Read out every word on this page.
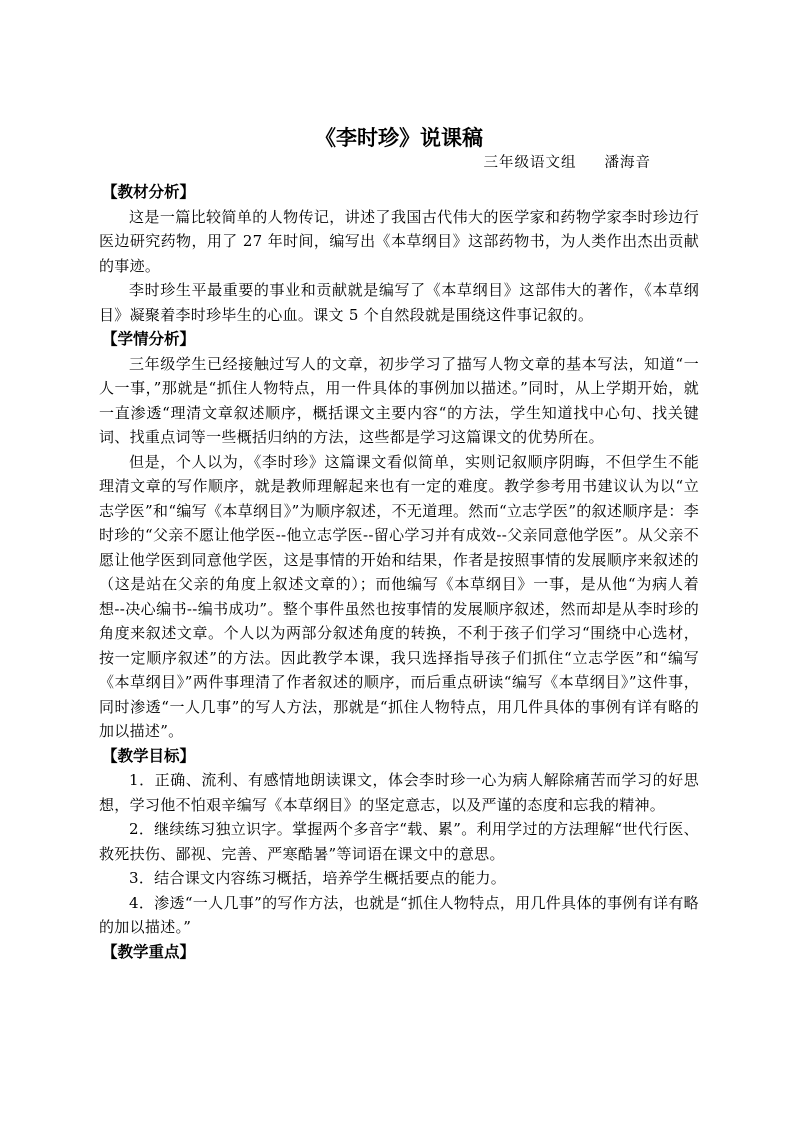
《李时珍》说课稿

三年级语文组     潘海音

【教材分析】

这是一篇比较简单的人物传记，讲述了我国古代伟大的医学家和药物学家李时珍边行医边研究药物，用了 27 年时间，编写出《本草纲目》这部药物书，为人类作出杰出贡献的事迹。

李时珍生平最重要的事业和贡献就是编写了《本草纲目》这部伟大的著作，《本草纲目》凝聚着李时珍毕生的心血。课文 5 个自然段就是围绕这件事记叙的。

【学情分析】

三年级学生已经接触过写人的文章，初步学习了描写人物文章的基本写法，知道“一人一事，”那就是“抓住人物特点，用一件具体的事例加以描述。”同时，从上学期开始，就一直渗透“理清文章叙述顺序，概括课文主要内容“的方法，学生知道找中心句、找关键词、找重点词等一些概括归纳的方法，这些都是学习这篇课文的优势所在。

但是，个人以为，《李时珍》这篇课文看似简单，实则记叙顺序阴晦，不但学生不能理清文章的写作顺序，就是教师理解起来也有一定的难度。教学参考用书建议认为以“立志学医”和“编写《本草纲目》”为顺序叙述，不无道理。然而“立志学医”的叙述顺序是：李时珍的“父亲不愿让他学医--他立志学医--留心学习并有成效--父亲同意他学医”。从父亲不愿让他学医到同意他学医，这是事情的开始和结果，作者是按照事情的发展顺序来叙述的（这是站在父亲的角度上叙述文章的）；而他编写《本草纲目》一事，是从他“为病人着想--决心编书--编书成功”。整个事件虽然也按事情的发展顺序叙述，然而却是从李时珍的角度来叙述文章。个人以为两部分叙述角度的转换，不利于孩子们学习“围绕中心选材，按一定顺序叙述”的方法。因此教学本课，我只选择指导孩子们抓住“立志学医”和“编写《本草纲目》”两件事理清了作者叙述的顺序，而后重点研读“编写《本草纲目》”这件事，同时渗透“一人几事”的写人方法，那就是“抓住人物特点，用几件具体的事例有详有略的加以描述”。

【教学目标】

1．正确、流利、有感情地朗读课文，体会李时珍一心为病人解除痛苦而学习的好思想，学习他不怕艰辛编写《本草纲目》的坚定意志，以及严谨的态度和忘我的精神。

2．继续练习独立识字。掌握两个多音字“载、累”。利用学过的方法理解“世代行医、救死扶伤、鄙视、完善、严寒酷暑”等词语在课文中的意思。

3．结合课文内容练习概括，培养学生概括要点的能力。

4．渗透“一人几事”的写作方法，也就是“抓住人物特点，用几件具体的事例有详有略的加以描述。”

【教学重点】
